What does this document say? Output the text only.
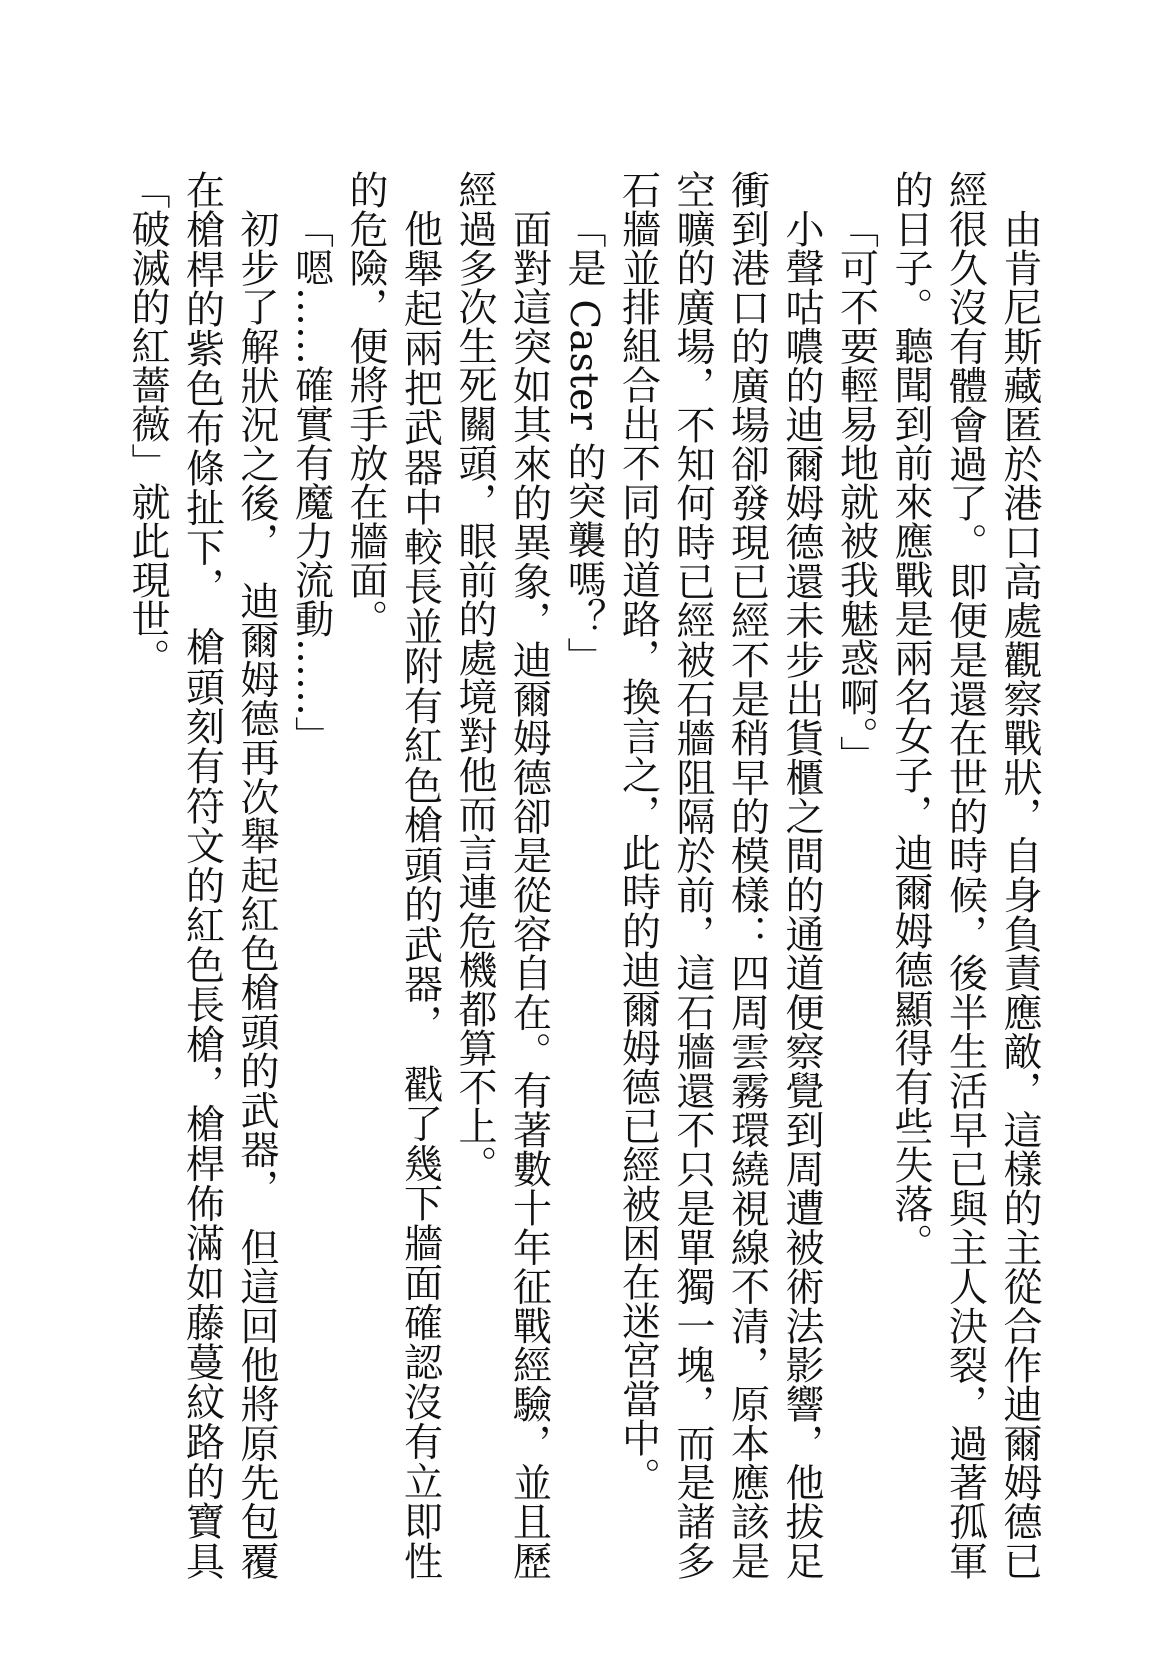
由肯尼斯藏匿於港口高處觀察戰狀，自身負責應敵，這樣的主從合作迪爾姆德已經很久沒有體會過了。即便是還在世的時候，後半生活早已與主人決裂，過著孤軍的日子。聽聞到前來應戰是兩名女子，迪爾姆德顯得有些失落。

「可不要輕易地就被我魅惑啊。」

小聲咕噥的迪爾姆德還未步出貨櫃之間的通道便察覺到周遭被術法影響，他拔足衝到港口的廣場卻發現已經不是稍早的模樣：四周雲霧環繞視線不清，原本應該是空曠的廣場，不知何時已經被石牆阻隔於前，這石牆還不只是單獨一塊，而是諸多石牆並排組合出不同的道路，換言之，此時的迪爾姆德已經被困在迷宮當中。

「是 Caster 的突襲嗎？」

面對這突如其來的異象，迪爾姆德卻是從容自在。有著數十年征戰經驗，並且歷經過多次生死關頭，眼前的處境對他而言連危機都算不上。

他舉起兩把武器中較長並附有紅色槍頭的武器，　戳了幾下牆面確認沒有立即性的危險，便將手放在牆面。

「嗯……確實有魔力流動……」

初步了解狀況之後，　迪爾姆德再次舉起紅色槍頭的武器，　但這回他將原先包覆在槍桿的紫色布條扯下，　槍頭刻有符文的紅色長槍，槍桿佈滿如藤蔓紋路的寶具「破滅的紅薔薇」就此現世。
